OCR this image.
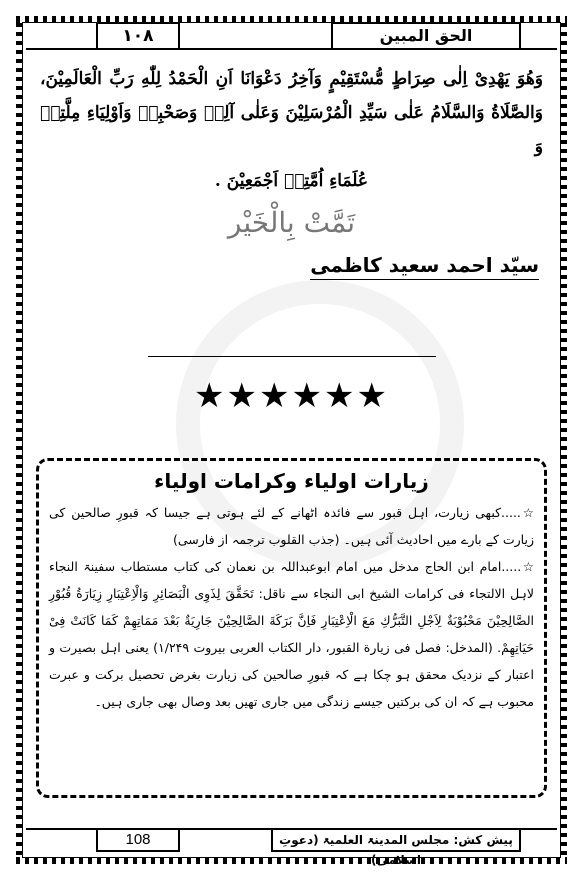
۱۰۸	الحق المبين

وَهُوَ يَهْدِىْ اِلٰى صِرَاطٍ مُّسْتَقِيْمٍ وَآخِرُ دَعْوَانَا اَنِ الْحَمْدُ لِلّٰهِ رَبِّ الْعَالَمِيْنَ، وَالصَّلَاةُ وَالسَّلَامُ عَلٰى سَيِّدِ الْمُرْسَلِيْنَ وَعَلٰى آلِهٖ وَصَحْبِهٖ وَاَوْلِيَاءِ مِلَّتِهٖ وَ
عُلَمَاءِ اُمَّتِهٖ اَجْمَعِيْنَ .

تَمَّتْ بِالْخَيْر
سیّد احمد سعید کاظمی
★★★★★★
زیارات اولیاء وکرامات اولیاء

☆.....کبھی زیارت، اہل قبور سے فائدہ اٹھانے کے لئے ہوتی ہے جیسا کہ قبورِ صالحین کی زیارت کے بارے میں احادیث آئی ہیں۔ (جذب القلوب ترجمہ از فارسی)

☆.....امام ابن الحاج مدخل میں امام ابوعبداللہ بن نعمان کی کتاب مستطاب سفینۃ النجاء لاہل الالتجاء فی کرامات الشیخ ابی النجاء سے ناقل: تَحَقَّقَ لِذَوِی الْبَصَائِرِ وَالْاِعْتِبَارِ زِیَارَةُ قُبُوْرِ الصَّالِحِیْنَ مَحْبُوْبَةٌ لِاَجْلِ التَّبَرُّكِ مَعَ الْاِعْتِبَارِ فَاِنَّ بَرَكَةَ الصَّالِحِیْنَ جَارِیَةٌ بَعْدَ مَمَاتِهِمْ كَمَا كَانَتْ فِیْ حَیَاتِهِمْ. (المدخل: فصل فی زیارة القبور، دار الکتاب العربی بیروت ۱/۲۴۹) یعنی اہل بصیرت و اعتبار کے نزدیک محقق ہو چکا ہے کہ قبورِ صالحین کی زیارت بغرض تحصیل برکت و عبرت محبوب ہے کہ ان کی برکتیں جیسے زندگی میں جاری تھیں بعد وصال بھی جاری ہیں۔

108	پیش کش: مجلس المدینۃ العلمیۃ (دعوتِ اسلامی)
